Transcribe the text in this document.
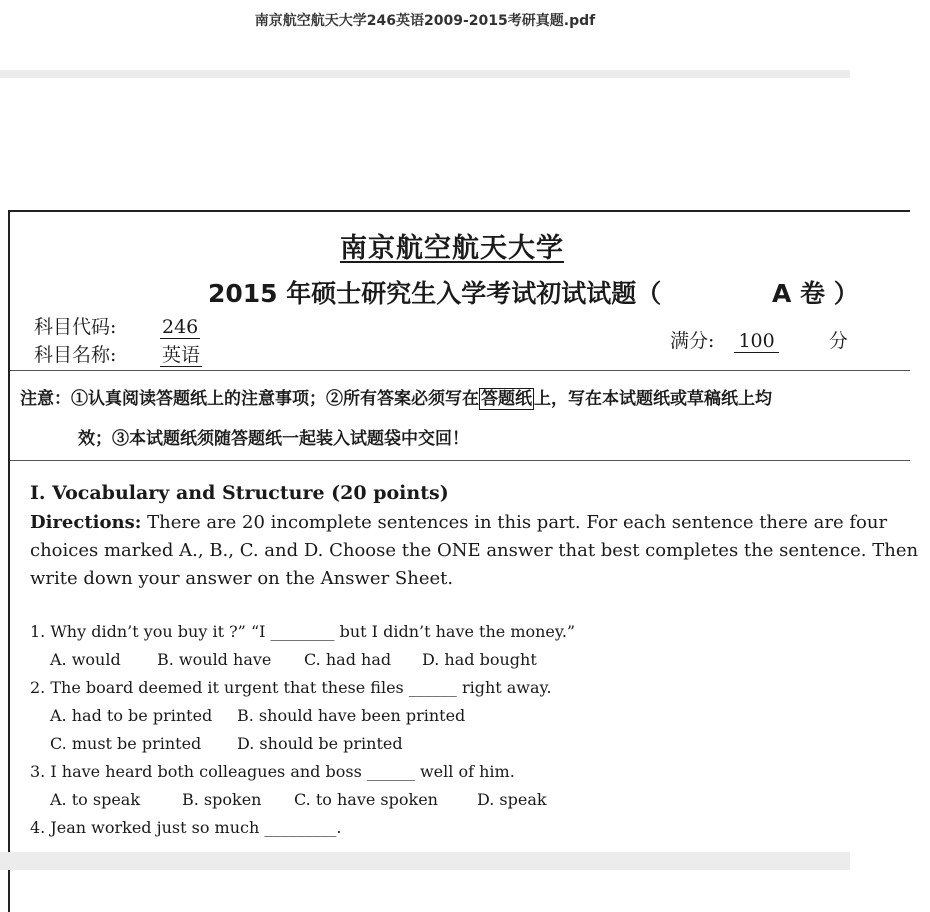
南京航空航天大学246英语2009-2015考研真题.pdf
南京航空航天大学
2015 年硕士研究生入学考试初试试题（	A 卷 ）
科目代码: 246
科目名称: 英语
满分: 100	分
注意：①认真阅读答题纸上的注意事项；②所有答案必须写在 答题纸 上，写在本试题纸或草稿纸上均
效；③本试题纸须随答题纸一起装入试题袋中交回！
I. Vocabulary and Structure (20 points)
Directions: There are 20 incomplete sentences in this part. For each sentence there are four
choices marked A., B., C. and D. Choose the ONE answer that best completes the sentence. Then
write down your answer on the Answer Sheet.
1. Why didn’t you buy it ?” “I ________ but I didn’t have the money.”
A. would B. would have C. had had D. had bought
2. The board deemed it urgent that these files ______ right away.
A. had to be printed B. should have been printed
C. must be printed D. should be printed
3. I have heard both colleagues and boss ______ well of him.
A. to speak	B. spoken C. to have spoken D. speak
4. Jean worked just so much _________.
